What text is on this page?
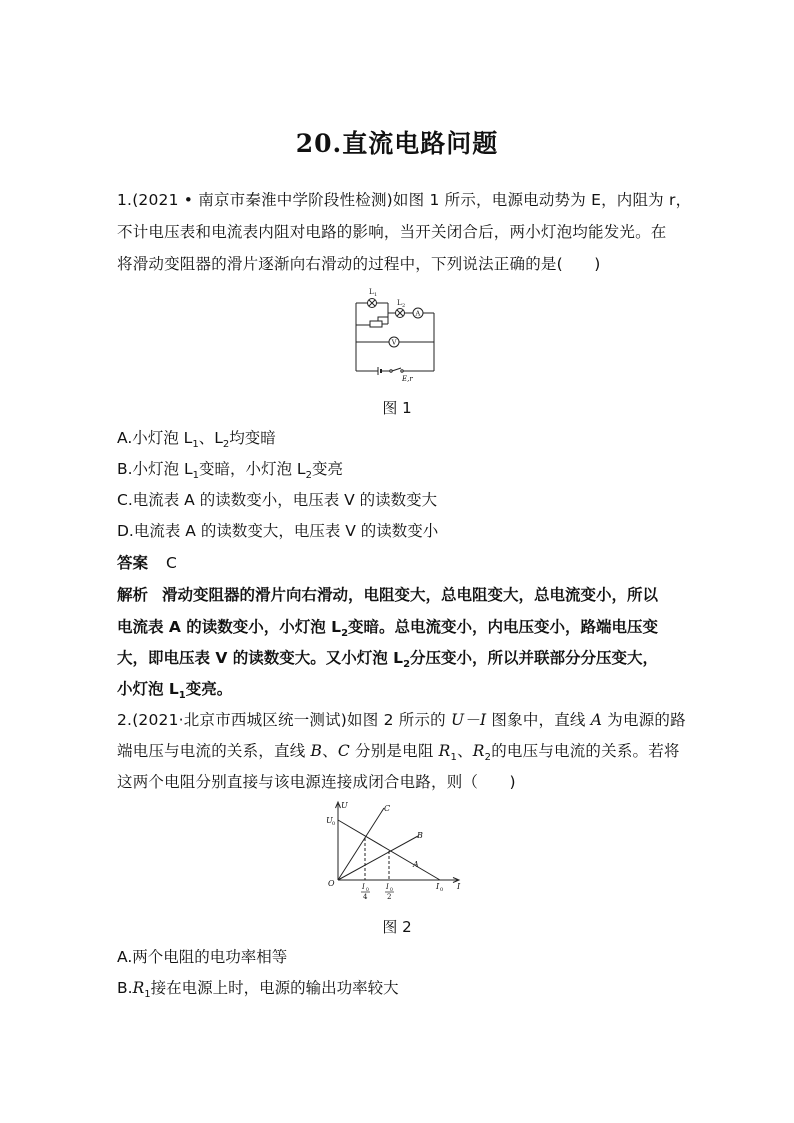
20.直流电路问题
1.(2021 • 南京市秦淮中学阶段性检测)如图 1 所示，电源电动势为 E，内阻为 r，
不计电压表和电流表内阻对电路的影响，当开关闭合后，两小灯泡均能发光。在
将滑动变阻器的滑片逐渐向右滑动的过程中，下列说法正确的是(　　)
L 1
L 2
A
V
E,r
图 1
A.小灯泡 $L_1$、$L_2$均变暗
B.小灯泡 $L_1$变暗，小灯泡 $L_2$变亮
C.电流表 A 的读数变小，电压表 V 的读数变大
D.电流表 A 的读数变大，电压表 V 的读数变小
答案 C
解析 滑动变阻器的滑片向右滑动，电阻变大，总电阻变大，总电流变小，所以
电流表 A 的读数变小，小灯泡 $L_2$变暗。总电流变小，内电压变小，路端电压变
大，即电压表 V 的读数变大。又小灯泡 $L_2$分压变小，所以并联部分分压变大，
小灯泡 $L_1$变亮。
2.(2021·北京市西城区统一测试)如图 2 所示的 U－I 图象中，直线 A 为电源的路
端电压与电流的关系，直线 B、C 分别是电阻 $R_1$、$R_2$的电压与电流的关系。若将
这两个电阻分别直接与该电源连接成闭合电路，则（　　)
U
I
O
U 0
I 0
C
B
A
I 0
4
I 0
2
图 2
A.两个电阻的电功率相等
$B.R_1$接在电源上时，电源的输出功率较大
